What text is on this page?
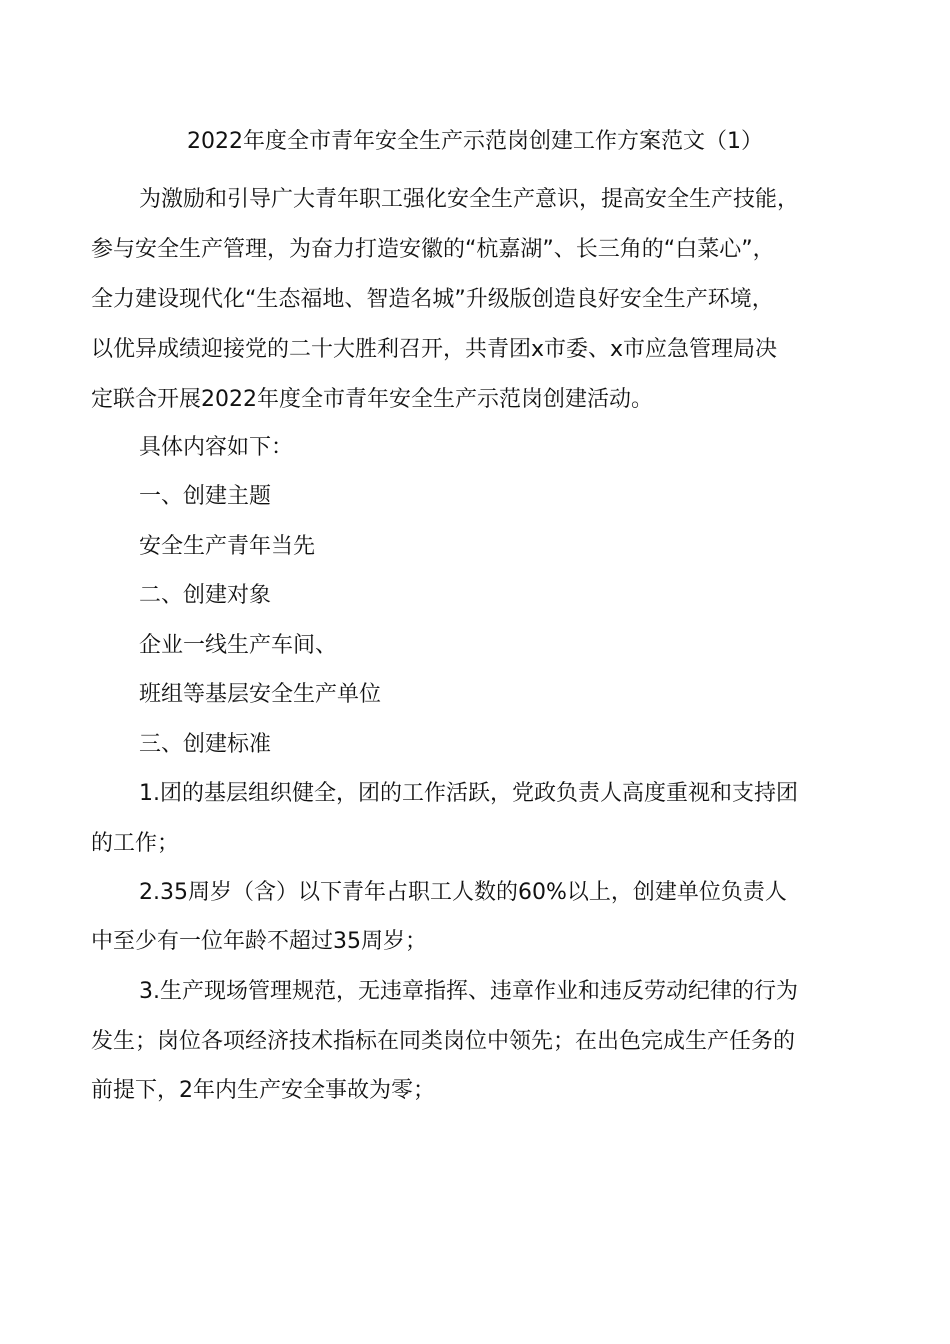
2022年度全市青年安全生产示范岗创建工作方案范文（1）
为激励和引导广大青年职工强化安全生产意识，提高安全生产技能，
参与安全生产管理，为奋力打造安徽的“杭嘉湖”、长三角的“白菜心”，
全力建设现代化“生态福地、智造名城”升级版创造良好安全生产环境，
以优异成绩迎接党的二十大胜利召开，共青团x市委、x市应急管理局决
定联合开展2022年度全市青年安全生产示范岗创建活动。
具体内容如下：
一、创建主题
安全生产青年当先
二、创建对象
企业一线生产车间、
班组等基层安全生产单位
三、创建标准
1.团的基层组织健全，团的工作活跃，党政负责人高度重视和支持团
的工作；
2.35周岁（含）以下青年占职工人数的60%以上，创建单位负责人
中至少有一位年龄不超过35周岁；
3.生产现场管理规范，无违章指挥、违章作业和违反劳动纪律的行为
发生；岗位各项经济技术指标在同类岗位中领先；在出色完成生产任务的
前提下，2年内生产安全事故为零；
